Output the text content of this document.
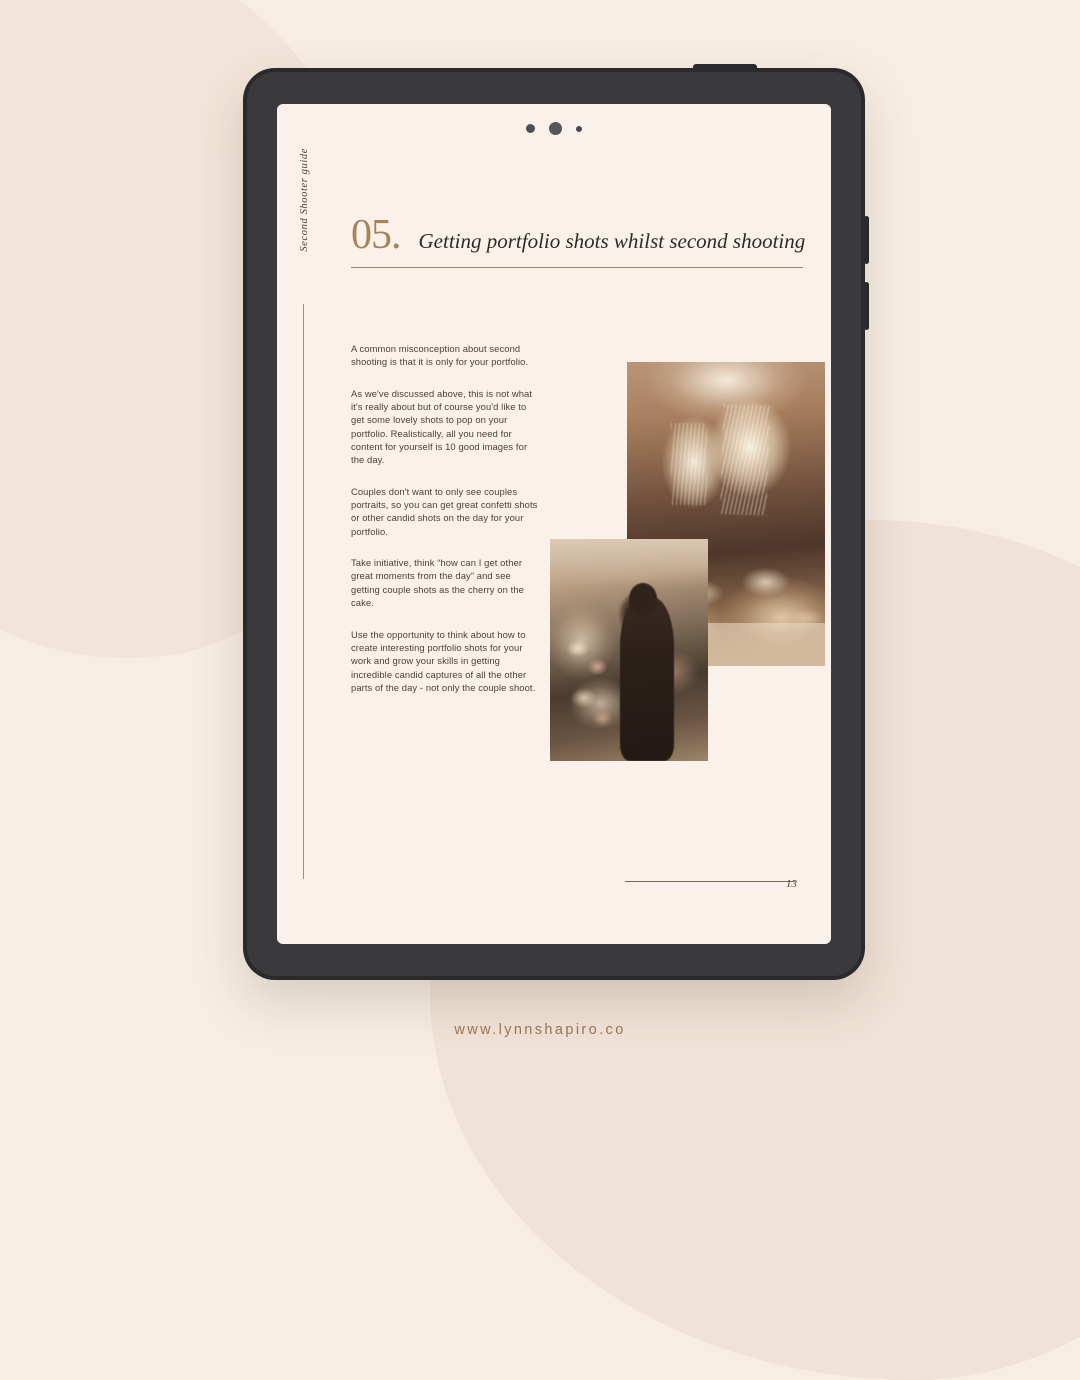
Second Shooter guide 05. Getting portfolio shots whilst second shooting

A common misconception about second shooting is that it is only for your portfolio.

As we've discussed above, this is not what it's really about but of course you'd like to get some lovely shots to pop on your portfolio. Realistically, all you need for content for yourself is 10 good images for the day.

Couples don't want to only see couples portraits, so you can get great confetti shots or other candid shots on the day for your portfolio.

Take initiative, think “how can I get other great moments from the day” and see getting couple shots as the cherry on the cake.

Use the opportunity to think about how to create interesting portfolio shots for your work and grow your skills in getting incredible candid captures of all the other parts of the day - not only the couple shoot.

13
www.lynnshapiro.co
